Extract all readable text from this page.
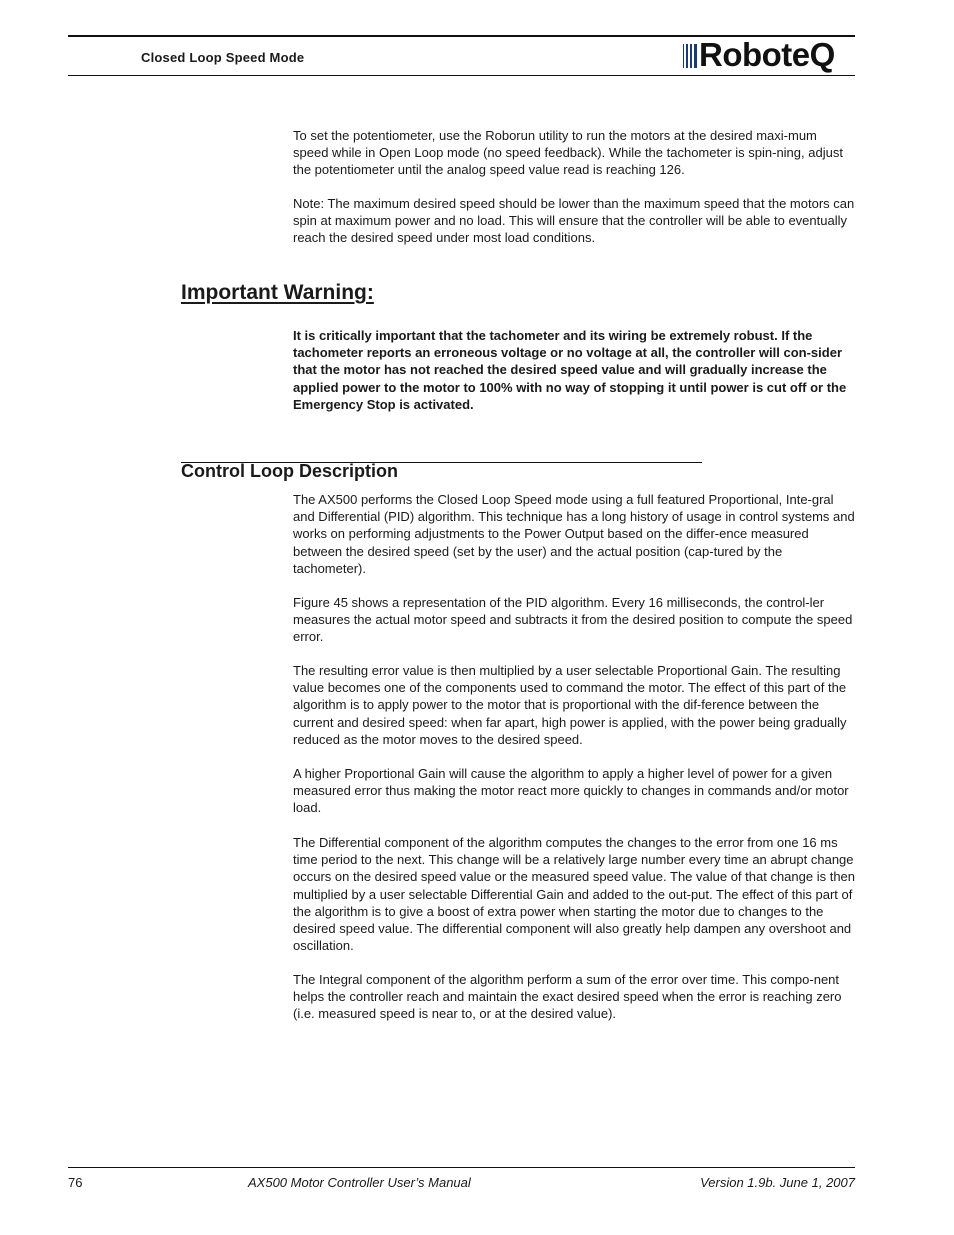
Closed Loop Speed Mode	RoboteQ

To set the potentiometer, use the Roborun utility to run the motors at the desired maxi-mum speed while in Open Loop mode (no speed feedback). While the tachometer is spin-ning, adjust the potentiometer until the analog speed value read is reaching 126.

Note: The maximum desired speed should be lower than the maximum speed that the motors can spin at maximum power and no load. This will ensure that the controller will be able to eventually reach the desired speed under most load conditions.

Important Warning:

It is critically important that the tachometer and its wiring be extremely robust. If the tachometer reports an erroneous voltage or no voltage at all, the controller will con-sider that the motor has not reached the desired speed value and will gradually increase the applied power to the motor to 100% with no way of stopping it until power is cut off or the Emergency Stop is activated.

Control Loop Description

The AX500 performs the Closed Loop Speed mode using a full featured Proportional, Inte-gral and Differential (PID) algorithm. This technique has a long history of usage in control systems and works on performing adjustments to the Power Output based on the differ-ence measured between the desired speed (set by the user) and the actual position (cap-tured by the tachometer).

Figure 45 shows a representation of the PID algorithm. Every 16 milliseconds, the control-ler measures the actual motor speed and subtracts it from the desired position to compute the speed error.

The resulting error value is then multiplied by a user selectable Proportional Gain. The resulting value becomes one of the components used to command the motor. The effect of this part of the algorithm is to apply power to the motor that is proportional with the dif-ference between the current and desired speed: when far apart, high power is applied, with the power being gradually reduced as the motor moves to the desired speed.

A higher Proportional Gain will cause the algorithm to apply a higher level of power for a given measured error thus making the motor react more quickly to changes in commands and/or motor load.

The Differential component of the algorithm computes the changes to the error from one 16 ms time period to the next. This change will be a relatively large number every time an abrupt change occurs on the desired speed value or the measured speed value. The value of that change is then multiplied by a user selectable Differential Gain and added to the out-put. The effect of this part of the algorithm is to give a boost of extra power when starting the motor due to changes to the desired speed value. The differential component will also greatly help dampen any overshoot and oscillation.

The Integral component of the algorithm perform a sum of the error over time. This compo-nent helps the controller reach and maintain the exact desired speed when the error is reaching zero (i.e. measured speed is near to, or at the desired value).

76	AX500 Motor Controller User’s Manual	Version 1.9b. June 1, 2007
